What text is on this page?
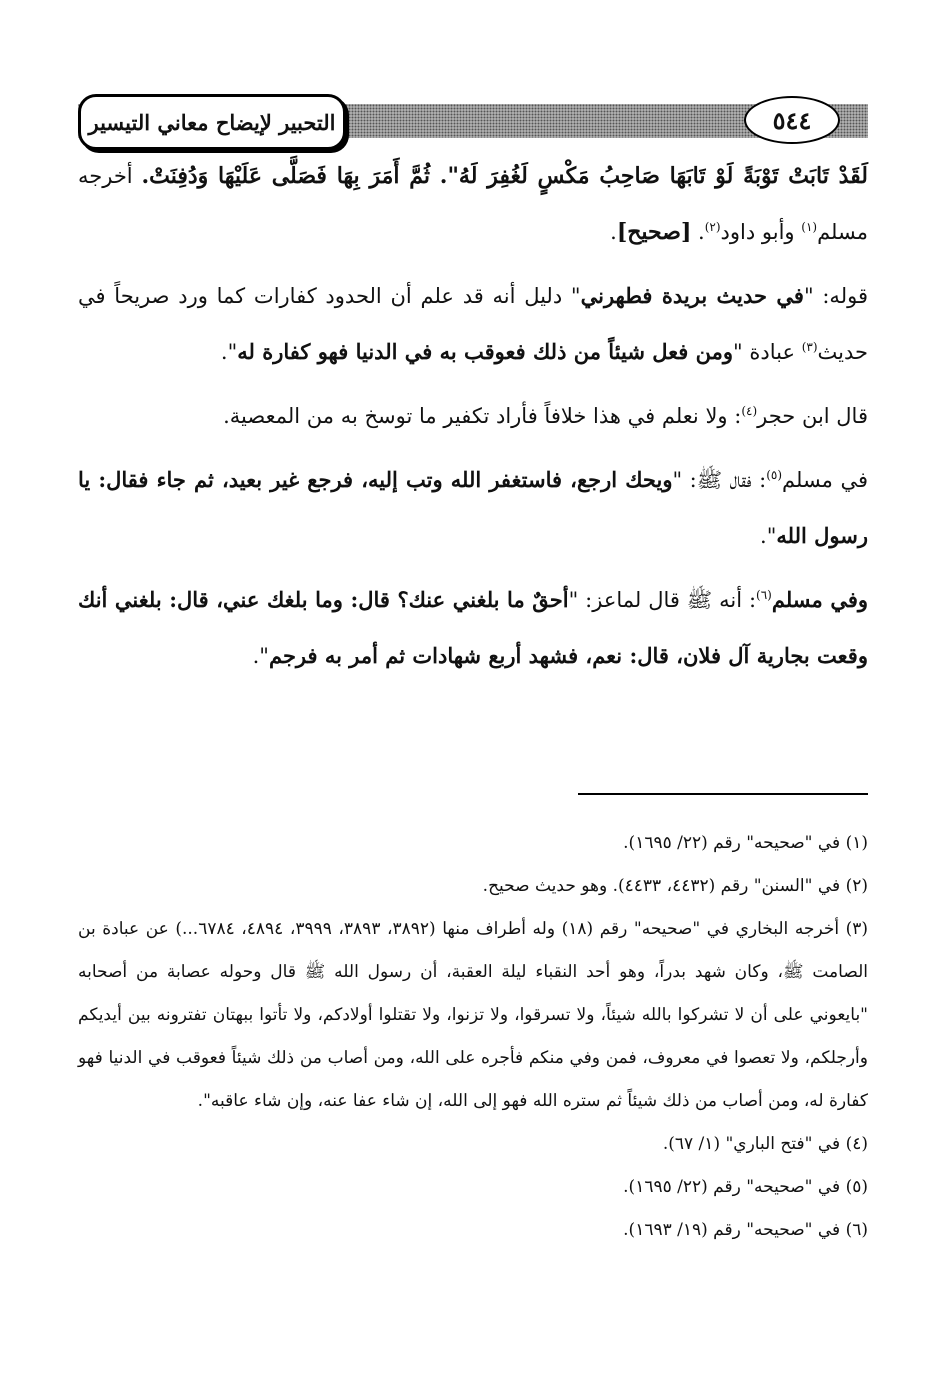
التحبير لإيضاح معاني التيسير	٥٤٤

لَقَدْ تَابَتْ تَوْبَةً لَوْ تَابَهَا صَاحِبُ مَكْسٍ لَغُفِرَ لَهُ". ثُمَّ أَمَرَ بِهَا فَصَلَّى عَلَيْهَا وَدُفِنَتْ. أخرجه مسلم$^{(١)}$ وأبو داود$^{(٢)}$. [صحيح].

قوله: "في حديث بريدة فطهرني" دليل أنه قد علم أن الحدود كفارات كما ورد صريحاً في حديث$^{(٣)}$ عبادة "ومن فعل شيئاً من ذلك فعوقب به في الدنيا فهو كفارة له".

قال ابن حجر$^{(٤)}$: ولا نعلم في هذا خلافاً فأراد تكفير ما توسخ به من المعصية.

في مسلم$^{(٥)}$: فقال ﷺ: "ويحك ارجع، فاستغفر الله وتب إليه، فرجع غير بعيد، ثم جاء فقال: يا رسول الله".

وفي مسلم$^{(٦)}$: أنه ﷺ قال لماعز: "أحقٌ ما بلغني عنك؟ قال: وما بلغك عني، قال: بلغني أنك وقعت بجارية آل فلان، قال: نعم، فشهد أربع شهادات ثم أمر به فرجم".

(١) في "صحيحه" رقم (٢٢/ ١٦٩٥).

(٢) في "السنن" رقم (٤٤٣٢، ٤٤٣٣). وهو حديث صحيح.

(٣) أخرجه البخاري في "صحيحه" رقم (١٨) وله أطراف منها (٣٨٩٢، ٣٨٩٣، ٣٩٩٩، ٤٨٩٤، ٦٧٨٤...) عن عبادة بن الصامت ﷺ، وكان شهد بدراً، وهو أحد النقباء ليلة العقبة، أن رسول الله ﷺ قال وحوله عصابة من أصحابه "بايعوني على أن لا تشركوا بالله شيئاً، ولا تسرقوا، ولا تزنوا، ولا تقتلوا أولادكم، ولا تأتوا ببهتان تفترونه بين أيديكم وأرجلكم، ولا تعصوا في معروف، فمن وفي منكم فأجره على الله، ومن أصاب من ذلك شيئاً فعوقب في الدنيا فهو كفارة له، ومن أصاب من ذلك شيئاً ثم ستره الله فهو إلى الله، إن شاء عفا عنه، وإن شاء عاقبه".

(٤) في "فتح الباري" (١/ ٦٧).

(٥) في "صحيحه" رقم (٢٢/ ١٦٩٥).

(٦) في "صحيحه" رقم (١٩/ ١٦٩٣).
